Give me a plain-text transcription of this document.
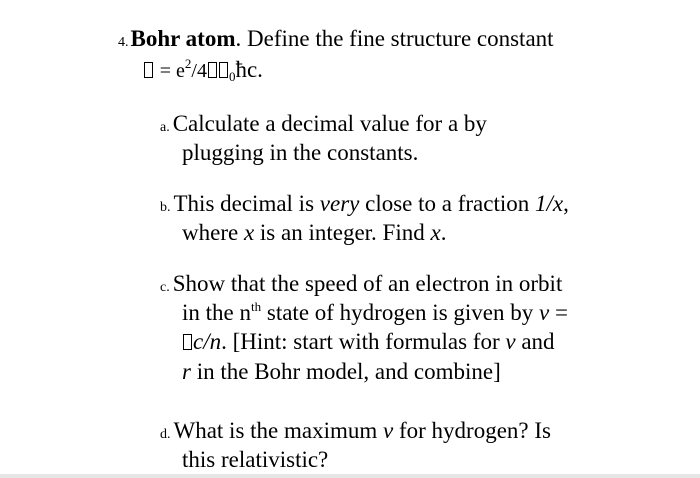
4.Bohr atom. Define the fine structure constant
= $e^2/4$ $_0$ħc.
a. Calculate a decimal value for a by
plugging in the constants.
b. This decimal is very close to a fraction 1/x,
where x is an integer. Find x.
c. Show that the speed of an electron in orbit
in the $n^{th}$ state of hydrogen is given by v =
c/n. [Hint: start with formulas for v and
r in the Bohr model, and combine]
d. What is the maximum v for hydrogen? Is
this relativistic?
